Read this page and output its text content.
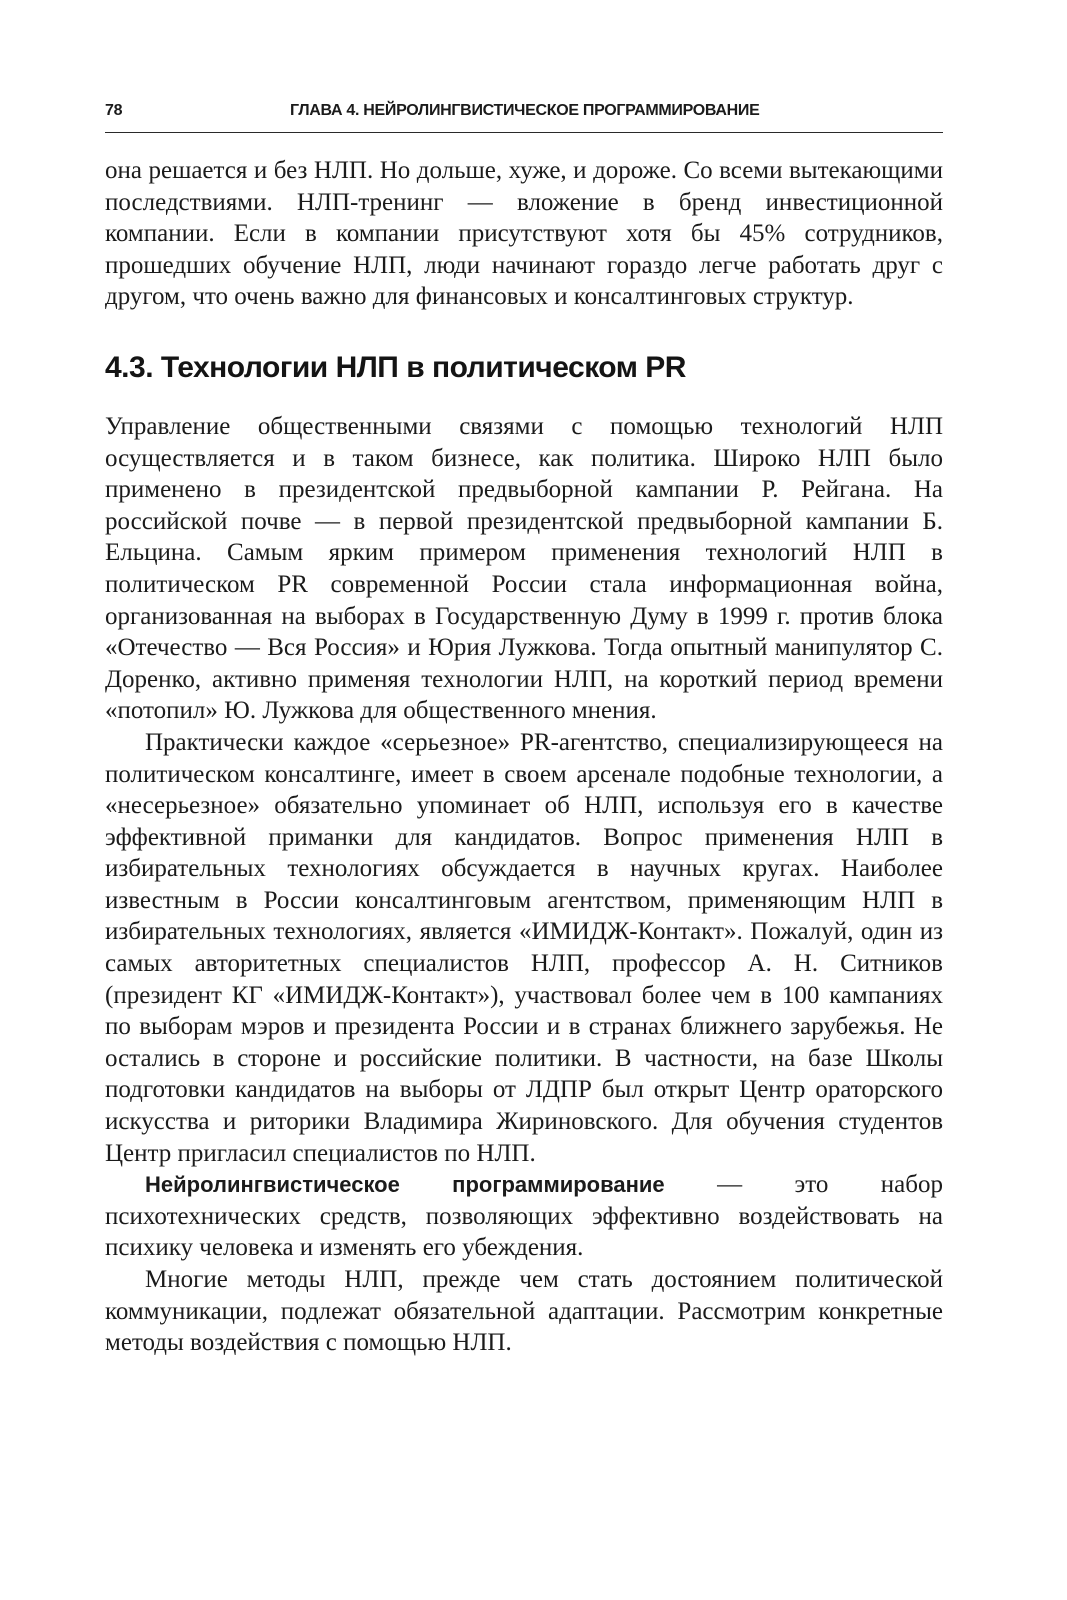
78	ГЛАВА 4. НЕЙРОЛИНГВИСТИЧЕСКОЕ ПРОГРАММИРОВАНИЕ

она решается и без НЛП. Но дольше, хуже, и дороже. Со всеми вытекающими последствиями. НЛП-тренинг — вложение в бренд инвестиционной компании. Если в компании присутствуют хотя бы 45% сотрудников, прошедших обучение НЛП, люди начинают гораздо легче работать друг с другом, что очень важно для финансовых и консалтинговых структур.

4.3. Технологии НЛП в политическом PR

Управление общественными связями с помощью технологий НЛП осуществляется и в таком бизнесе, как политика. Широко НЛП было применено в президентской предвыборной кампании Р. Рейгана. На российской почве — в первой президентской предвыборной кампании Б. Ельцина. Самым ярким примером применения технологий НЛП в политическом PR современной России стала информационная война, организованная на выборах в Государственную Думу в 1999 г. против блока «Отечество — Вся Россия» и Юрия Лужкова. Тогда опытный манипулятор С. Доренко, активно применяя технологии НЛП, на короткий период времени «потопил» Ю. Лужкова для общественного мнения.

Практически каждое «серьезное» PR-агентство, специализирующееся на политическом консалтинге, имеет в своем арсенале подобные технологии, а «несерьезное» обязательно упоминает об НЛП, используя его в качестве эффективной приманки для кандидатов. Вопрос применения НЛП в избирательных технологиях обсуждается в научных кругах. Наиболее известным в России консалтинговым агентством, применяющим НЛП в избирательных технологиях, является «ИМИДЖ-Контакт». Пожалуй, один из самых авторитетных специалистов НЛП, профессор А. Н. Ситников (президент КГ «ИМИДЖ-Контакт»), участвовал более чем в 100 кампаниях по выборам мэров и президента России и в странах ближнего зарубежья. Не остались в стороне и российские политики. В частности, на базе Школы подготовки кандидатов на выборы от ЛДПР был открыт Центр ораторского искусства и риторики Владимира Жириновского. Для обучения студентов Центр пригласил специалистов по НЛП.

Нейролингвистическое программирование — это набор психотехнических средств, позволяющих эффективно воздействовать на психику человека и изменять его убеждения.

Многие методы НЛП, прежде чем стать достоянием политической коммуникации, подлежат обязательной адаптации. Рассмотрим конкретные методы воздействия с помощью НЛП.
